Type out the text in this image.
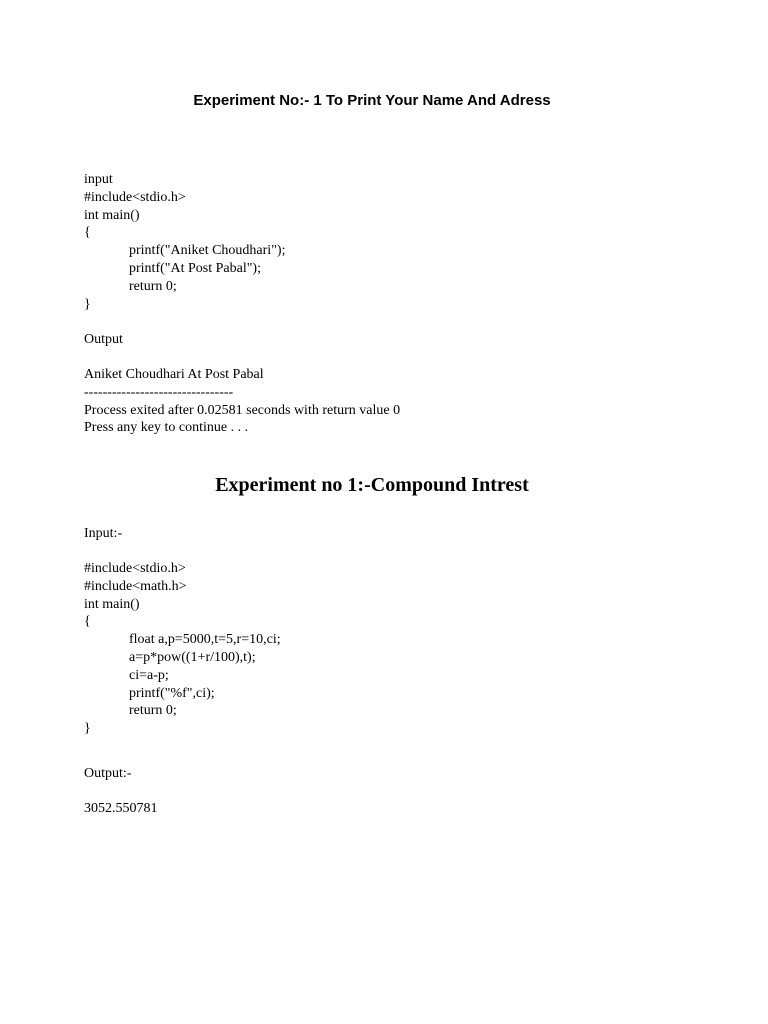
Experiment No:- 1 To Print Your Name And Adress
input
#include<stdio.h>
int main()
{
printf("Aniket Choudhari");
printf("At Post Pabal");
return 0;
}
Output
Aniket Choudhari At Post Pabal
--------------------------------
Process exited after 0.02581 seconds with return value 0
Press any key to continue . . .
Experiment no 1:-Compound Intrest
Input:-
#include<stdio.h>
#include<math.h>
int main()
{
float a,p=5000,t=5,r=10,ci;
a=p*pow((1+r/100),t);
ci=a-p;
printf("%f",ci);
return 0;
}
Output:-
3052.550781
